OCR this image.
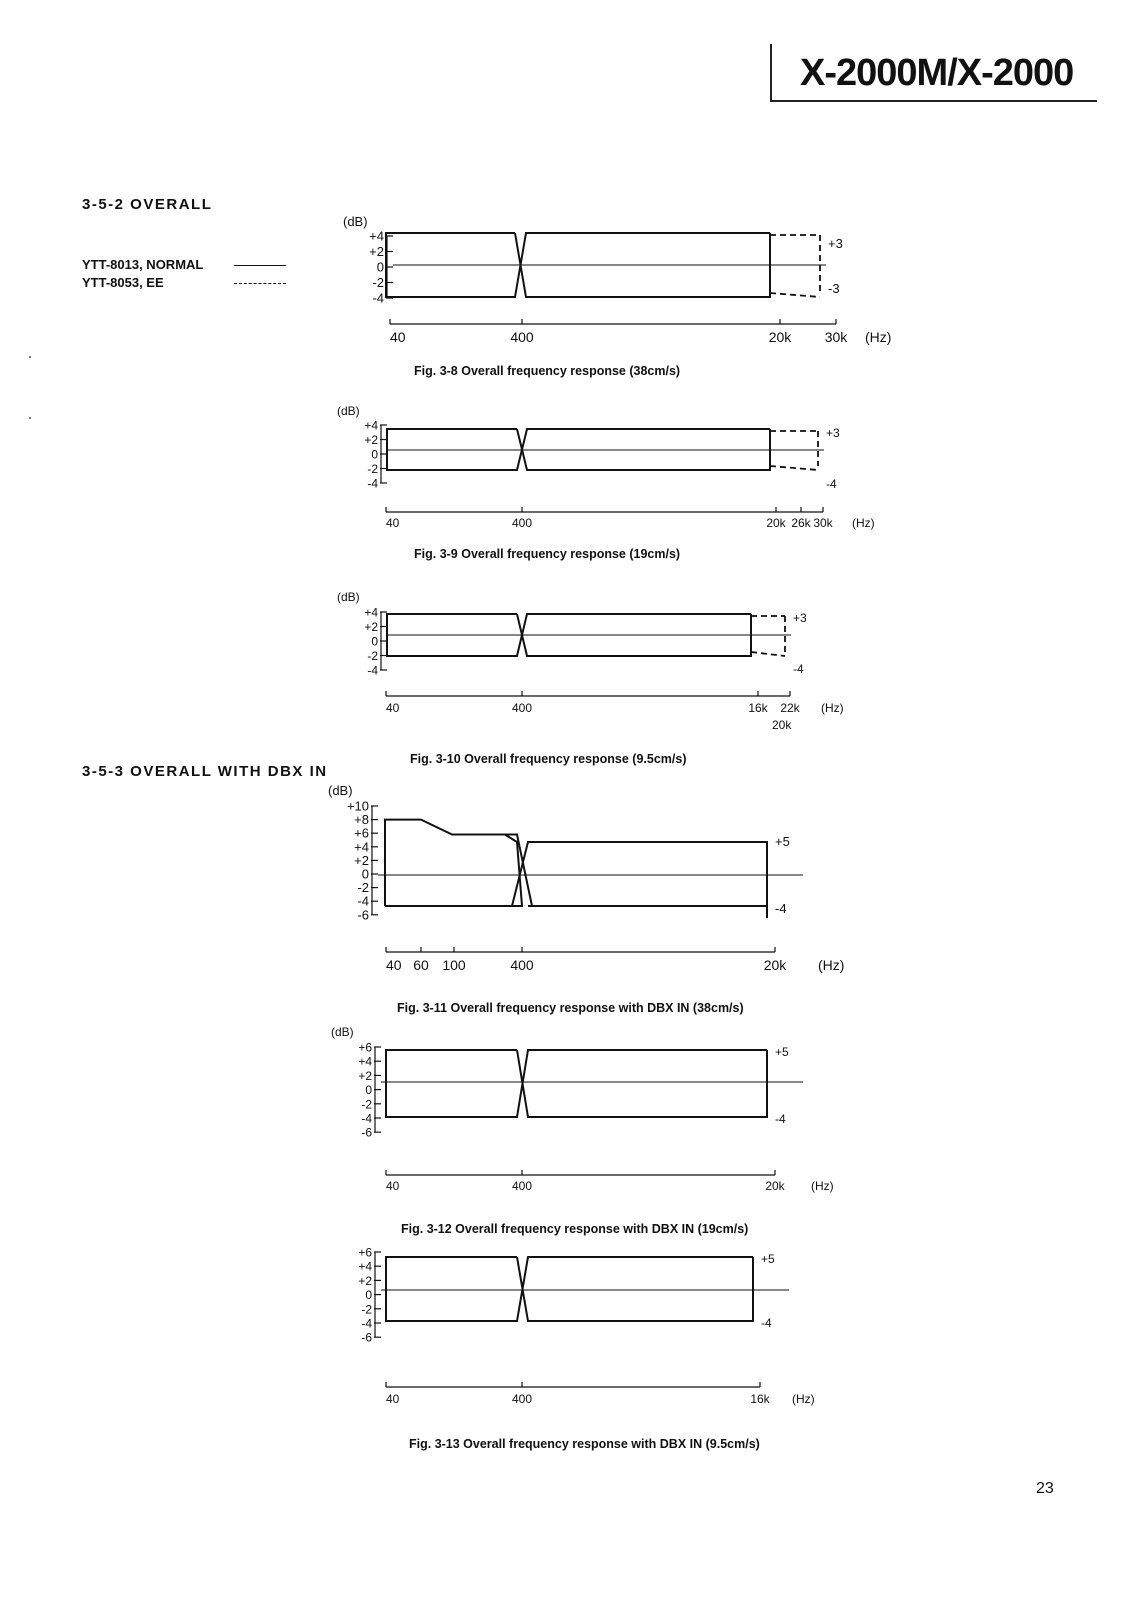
X-2000M/X-2000
3-5-2 OVERALL
3-5-3 OVERALL WITH DBX IN
YTT-8013, NORMAL
YTT-8053, EE
Fig. 3-8 Overall frequency response (38cm/s)
Fig. 3-9 Overall frequency response (19cm/s)
Fig. 3-10 Overall frequency response (9.5cm/s)
Fig. 3-11 Overall frequency response with DBX IN (38cm/s)
Fig. 3-12 Overall frequency response with DBX IN (19cm/s)
Fig. 3-13 Overall frequency response with DBX IN (9.5cm/s)
23
+4
+2
0
-2
-4
(dB)
+3
-3
40	400	20k 30k (Hz)
+4
+2
0
-2
-4
(dB)
+3
-4
40	400	20k 26k 30k (Hz)
+4
+2
0
-2
-4
(dB)
+3
-4
40	400	16k 22k (Hz)
20k
+10
+8
+6
+4
+2
0
-2
-4
-6
(dB)
+5
-4
40 60 100	400	20k (Hz)
+6
+4
+2
0
-2
-4
-6
(dB)
+5
-4
40	400	20k (Hz)
+6
+4
+2
0
-2
-4
-6
+5
-4
40	400	16k (Hz)
